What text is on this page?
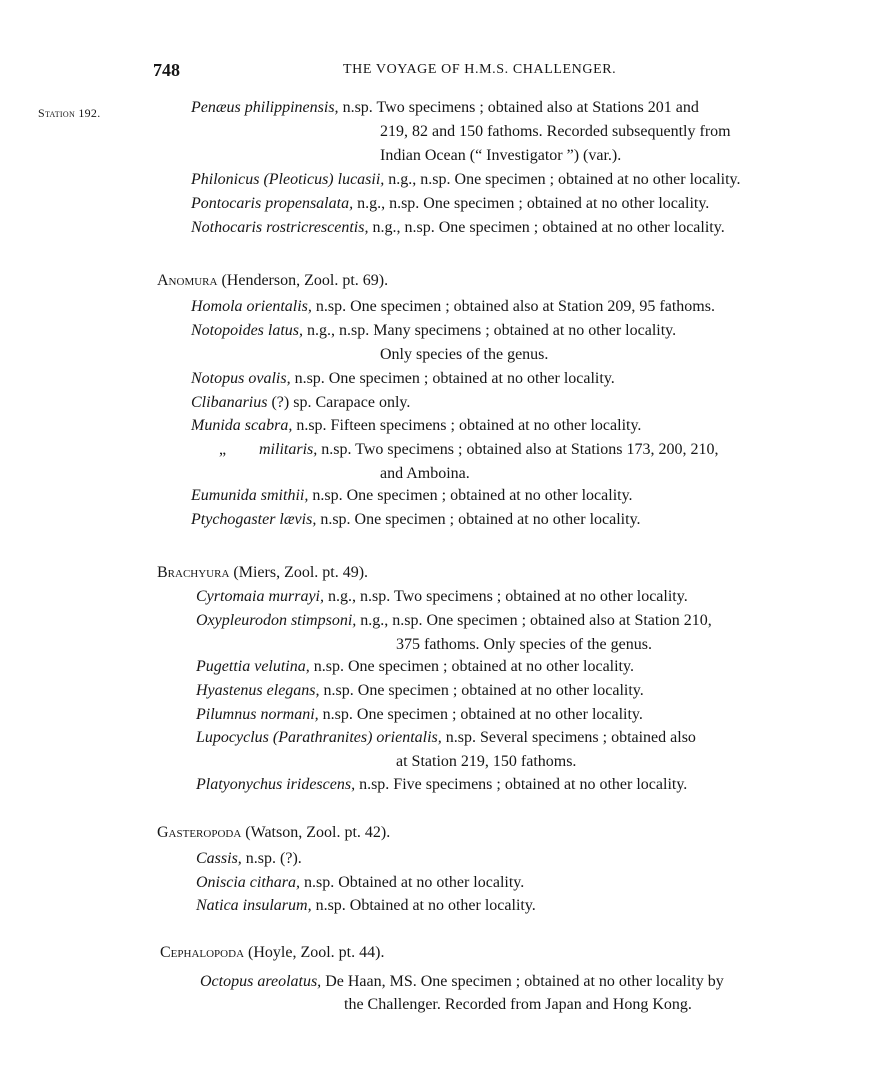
748	THE VOYAGE OF H.M.S. CHALLENGER.
Station 192.	Penæus philippinensis, n.sp. Two specimens ; obtained also at Stations 201 and
219, 82 and 150 fathoms. Recorded subsequently from
Indian Ocean (“ Investigator ”) (var.).
Philonicus (Pleoticus) lucasii, n.g., n.sp. One specimen ; obtained at no other locality.
Pontocaris propensalata, n.g., n.sp. One specimen ; obtained at no other locality.
Nothocaris rostricrescentis, n.g., n.sp. One specimen ; obtained at no other locality.
Anomura (Henderson, Zool. pt. 69).
Homola orientalis, n.sp. One specimen ; obtained also at Station 209, 95 fathoms.
Notopoides latus, n.g., n.sp. Many specimens ; obtained at no other locality.
Only species of the genus.
Notopus ovalis, n.sp. One specimen ; obtained at no other locality.
Clibanarius (?) sp. Carapace only.
Munida scabra, n.sp. Fifteen specimens ; obtained at no other locality.
„ militaris, n.sp. Two specimens ; obtained also at Stations 173, 200, 210,
and Amboina.
Eumunida smithii, n.sp. One specimen ; obtained at no other locality.
Ptychogaster lævis, n.sp. One specimen ; obtained at no other locality.
Brachyura (Miers, Zool. pt. 49).
Cyrtomaia murrayi, n.g., n.sp. Two specimens ; obtained at no other locality.
Oxypleurodon stimpsoni, n.g., n.sp. One specimen ; obtained also at Station 210,
375 fathoms. Only species of the genus.
Pugettia velutina, n.sp. One specimen ; obtained at no other locality.
Hyastenus elegans, n.sp. One specimen ; obtained at no other locality.
Pilumnus normani, n.sp. One specimen ; obtained at no other locality.
Lupocyclus (Parathranites) orientalis, n.sp. Several specimens ; obtained also
at Station 219, 150 fathoms.
Platyonychus iridescens, n.sp. Five specimens ; obtained at no other locality.
Gasteropoda (Watson, Zool. pt. 42).
Cassis, n.sp. (?).
Oniscia cithara, n.sp. Obtained at no other locality.
Natica insularum, n.sp. Obtained at no other locality.
Cephalopoda (Hoyle, Zool. pt. 44).
Octopus areolatus, De Haan, MS. One specimen ; obtained at no other locality by
the Challenger. Recorded from Japan and Hong Kong.
